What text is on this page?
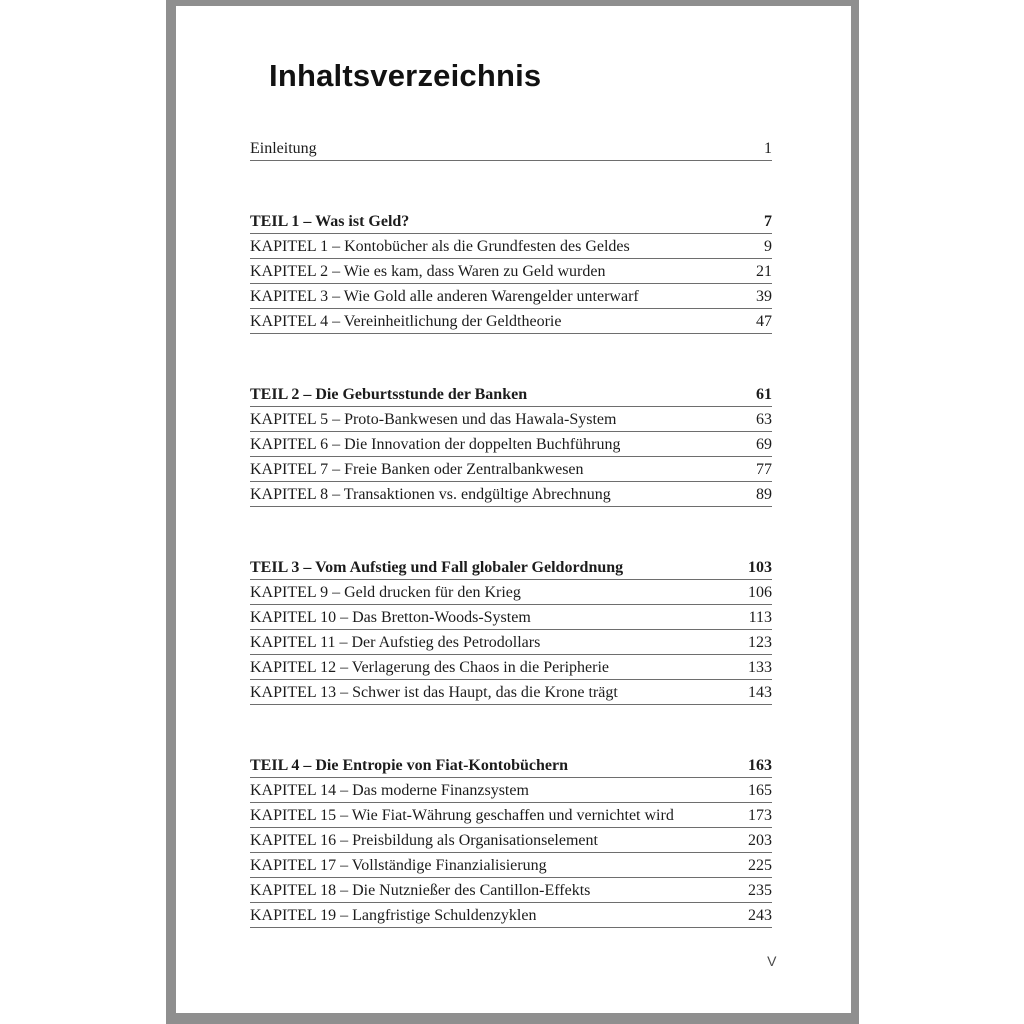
Inhaltsverzeichnis
Einleitung	1
TEIL 1 – Was ist Geld?	7
KAPITEL 1 – Kontobücher als die Grundfesten des Geldes	9
KAPITEL 2 – Wie es kam, dass Waren zu Geld wurden	21
KAPITEL 3 – Wie Gold alle anderen Warengelder unterwarf	39
KAPITEL 4 – Vereinheitlichung der Geldtheorie	47
TEIL 2 – Die Geburtsstunde der Banken	61
KAPITEL 5 – Proto-Bankwesen und das Hawala-System	63
KAPITEL 6 – Die Innovation der doppelten Buchführung	69
KAPITEL 7 – Freie Banken oder Zentralbankwesen	77
KAPITEL 8 – Transaktionen vs. endgültige Abrechnung	89
TEIL 3 – Vom Aufstieg und Fall globaler Geldordnung	103
KAPITEL 9 – Geld drucken für den Krieg	106
KAPITEL 10 – Das Bretton-Woods-System	113
KAPITEL 11 – Der Aufstieg des Petrodollars	123
KAPITEL 12 – Verlagerung des Chaos in die Peripherie	133
KAPITEL 13 – Schwer ist das Haupt, das die Krone trägt	143
TEIL 4 – Die Entropie von Fiat-Kontobüchern	163
KAPITEL 14 – Das moderne Finanzsystem	165
KAPITEL 15 – Wie Fiat-Währung geschaffen und vernichtet wird	173
KAPITEL 16 – Preisbildung als Organisationselement	203
KAPITEL 17 – Vollständige Finanzialisierung	225
KAPITEL 18 – Die Nutznießer des Cantillon-Effekts	235
KAPITEL 19 – Langfristige Schuldenzyklen	243
V
